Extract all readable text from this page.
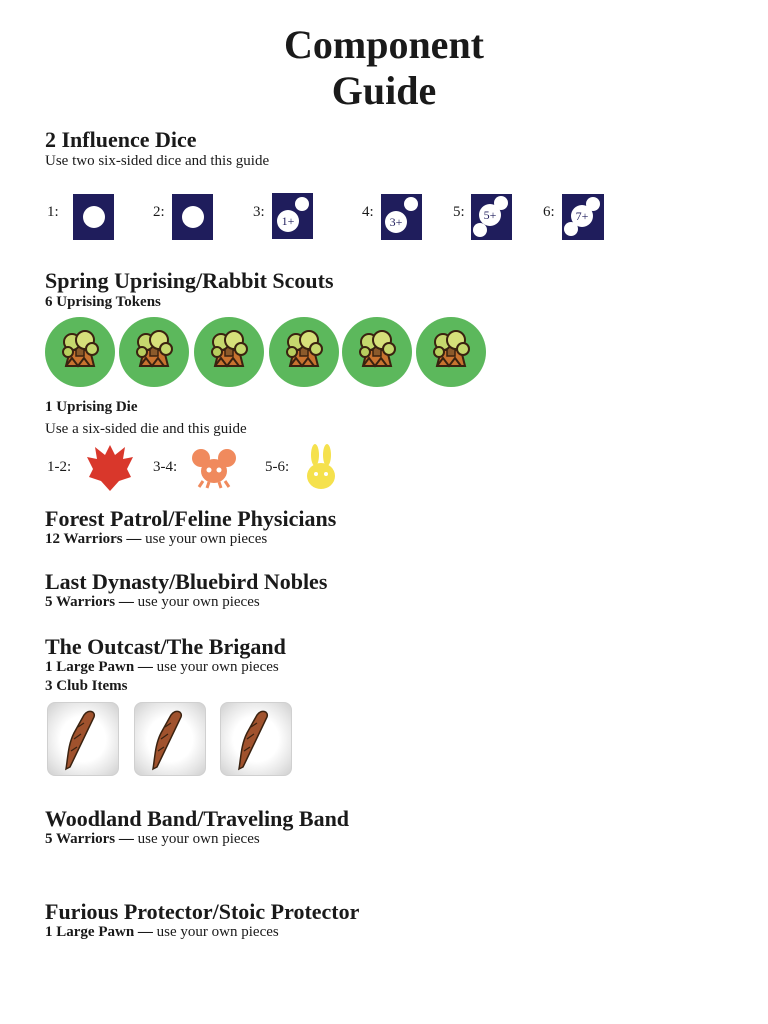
Component
Guide
2 Influence Dice
Use two six-sided dice and this guide
1:	2:	3:
1+
4:
3+
5:	5+	6:	7+
Spring Uprising/Rabbit Scouts
6 Uprising Tokens
1 Uprising Die
Use a six-sided die and this guide
1-2:	3-4:	5-6:
Forest Patrol/Feline Physicians
12 Warriors — use your own pieces
Last Dynasty/Bluebird Nobles
5 Warriors — use your own pieces
The Outcast/The Brigand
1 Large Pawn — use your own pieces
3 Club Items
Woodland Band/Traveling Band
5 Warriors — use your own pieces
Furious Protector/Stoic Protector
1 Large Pawn — use your own pieces
